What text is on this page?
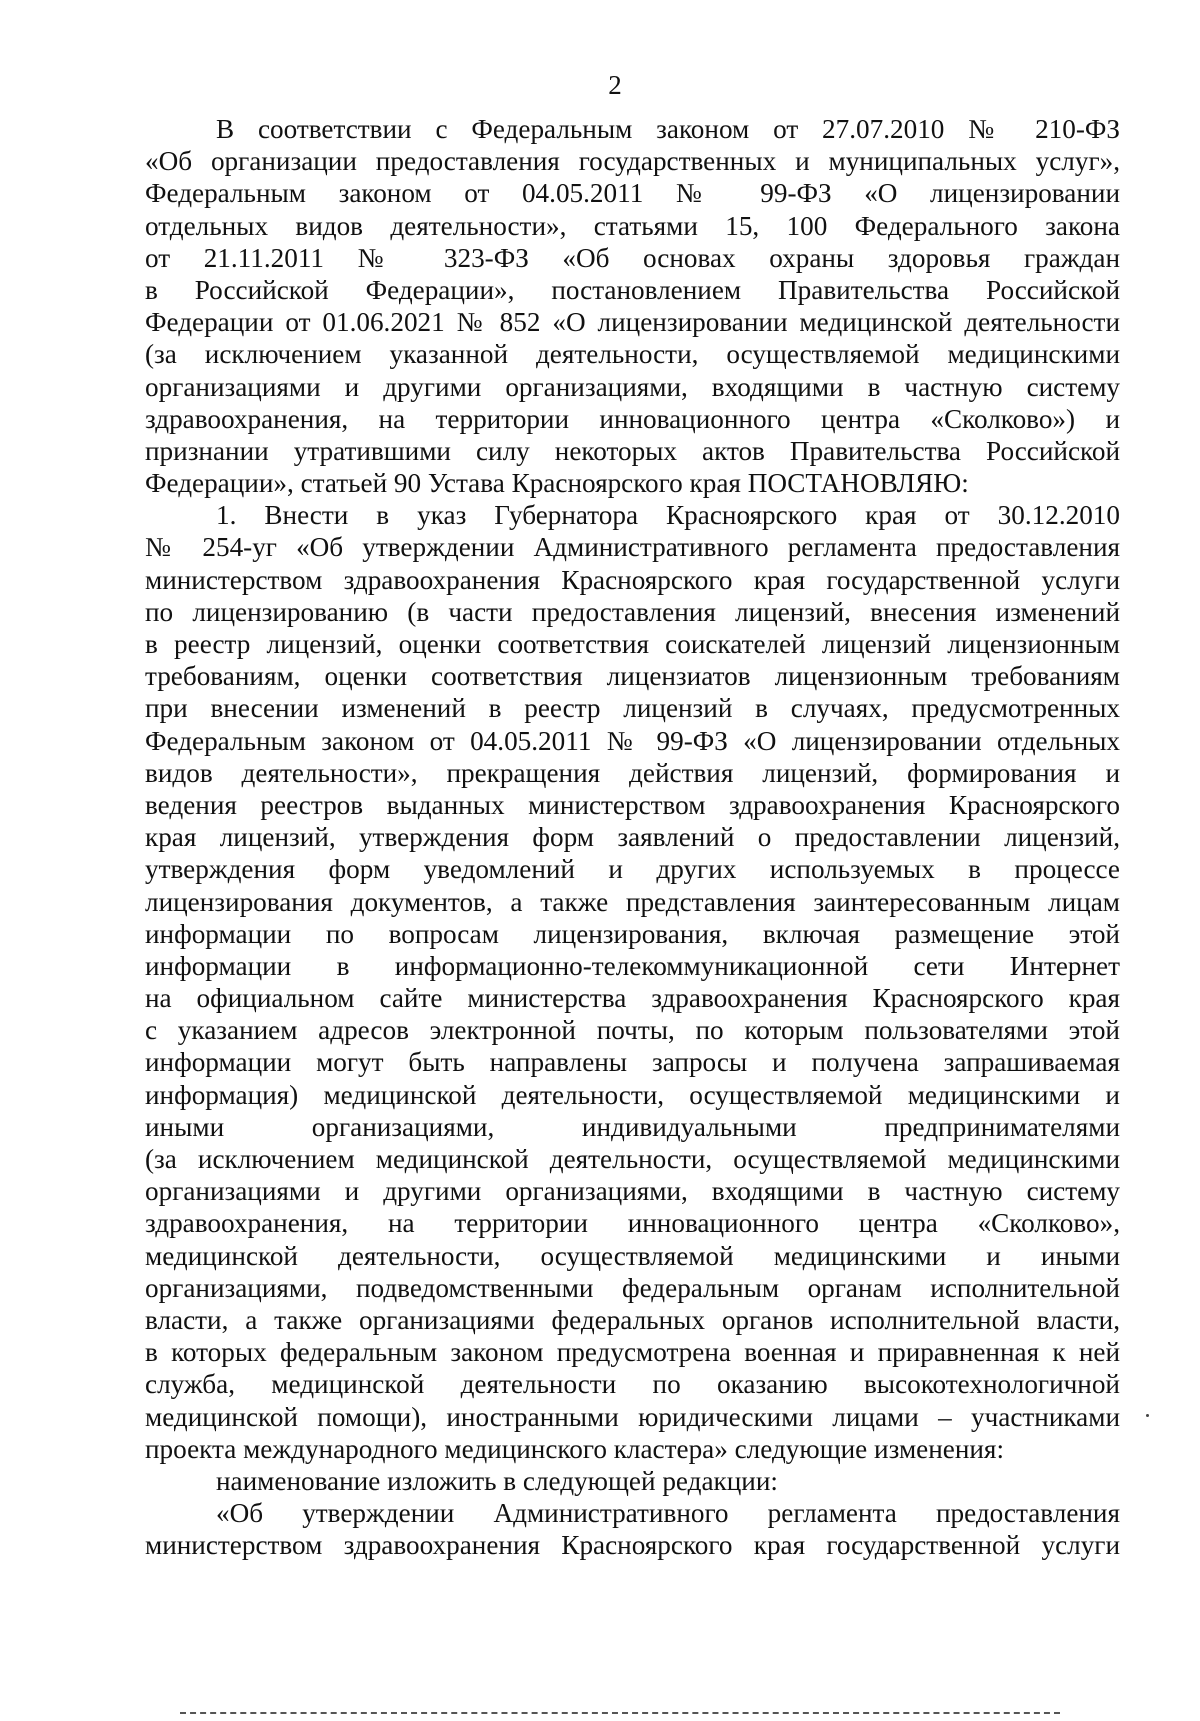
2
В соответствии с Федеральным законом от 27.07.2010 № 210-ФЗ
«Об организации предоставления государственных и муниципальных услуг»,
Федеральным законом от 04.05.2011 № 99-ФЗ «О лицензировании
отдельных видов деятельности», статьями 15, 100 Федерального закона
от 21.11.2011 № 323-ФЗ «Об основах охраны здоровья граждан
в Российской Федерации», постановлением Правительства Российской
Федерации от 01.06.2021 № 852 «О лицензировании медицинской деятельности
(за исключением указанной деятельности, осуществляемой медицинскими
организациями и другими организациями, входящими в частную систему
здравоохранения, на территории инновационного центра «Сколково») и
признании утратившими силу некоторых актов Правительства Российской
Федерации», статьей 90 Устава Красноярского края ПОСТАНОВЛЯЮ:
1. Внести в указ Губернатора Красноярского края от 30.12.2010
№ 254-уг «Об утверждении Административного регламента предоставления
министерством здравоохранения Красноярского края государственной услуги
по лицензированию (в части предоставления лицензий, внесения изменений
в реестр лицензий, оценки соответствия соискателей лицензий лицензионным
требованиям, оценки соответствия лицензиатов лицензионным требованиям
при внесении изменений в реестр лицензий в случаях, предусмотренных
Федеральным законом от 04.05.2011 № 99-ФЗ «О лицензировании отдельных
видов деятельности», прекращения действия лицензий, формирования и
ведения реестров выданных министерством здравоохранения Красноярского
края лицензий, утверждения форм заявлений о предоставлении лицензий,
утверждения форм уведомлений и других используемых в процессе
лицензирования документов, а также представления заинтересованным лицам
информации по вопросам лицензирования, включая размещение этой
информации в информационно-телекоммуникационной сети Интернет
на официальном сайте министерства здравоохранения Красноярского края
с указанием адресов электронной почты, по которым пользователями этой
информации могут быть направлены запросы и получена запрашиваемая
информация) медицинской деятельности, осуществляемой медицинскими и
иными организациями, индивидуальными предпринимателями
(за исключением медицинской деятельности, осуществляемой медицинскими
организациями и другими организациями, входящими в частную систему
здравоохранения, на территории инновационного центра «Сколково»,
медицинской деятельности, осуществляемой медицинскими и иными
организациями, подведомственными федеральным органам исполнительной
власти, а также организациями федеральных органов исполнительной власти,
в которых федеральным законом предусмотрена военная и приравненная к ней
служба, медицинской деятельности по оказанию высокотехнологичной
медицинской помощи), иностранными юридическими лицами – участниками
проекта международного медицинского кластера» следующие изменения:
наименование изложить в следующей редакции:
«Об утверждении Административного регламента предоставления
министерством здравоохранения Красноярского края государственной услуги
